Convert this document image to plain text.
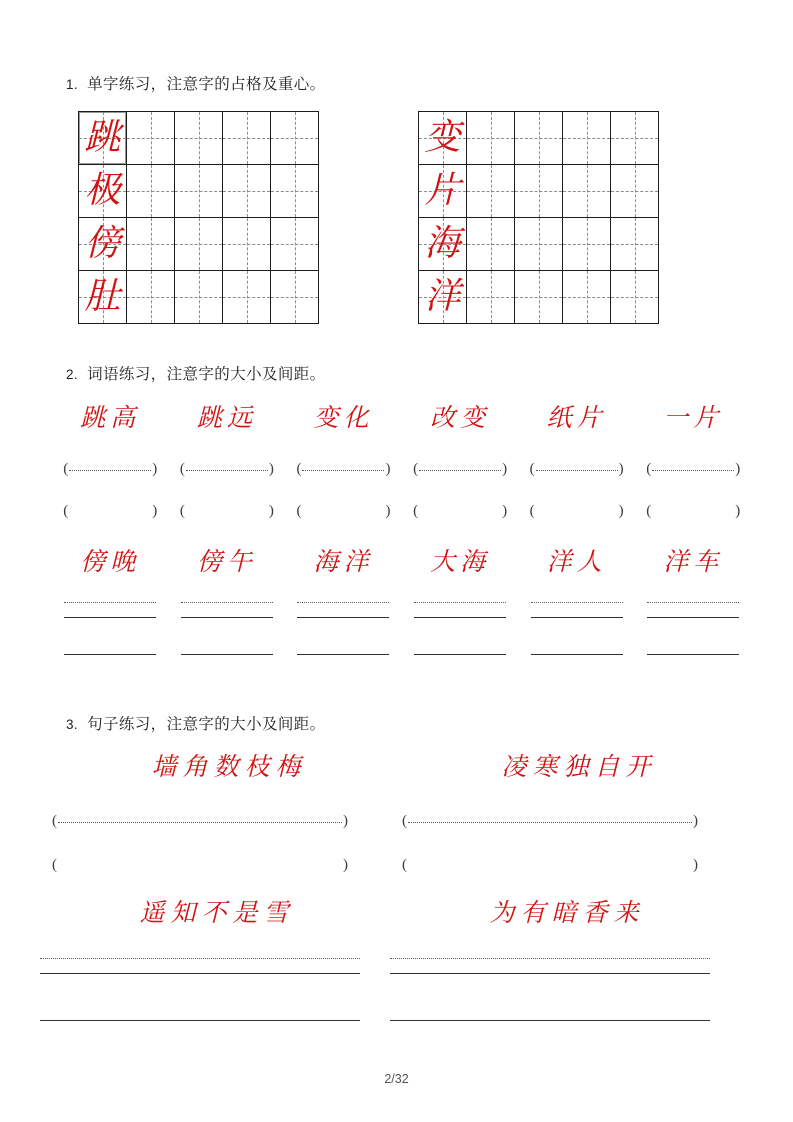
1. 单字练习，注意字的占格及重心。
跳
极
傍
肚
变
片
海
洋
2. 词语练习，注意字的大小及间距。
跳高
(	)
(	)
跳远
(	)
(	)
变化
(	)
(	)
改变
(	)
(	)
纸片
(	)
(	)
一片
(	)
(	)
傍晚 傍午 海洋 大海 洋人 洋车
3. 句子练习，注意字的大小及间距。
墙角数枝梅
(	)
(	)
凌寒独自开
(	)
(	)
遥知不是雪	为有暗香来
2/32
